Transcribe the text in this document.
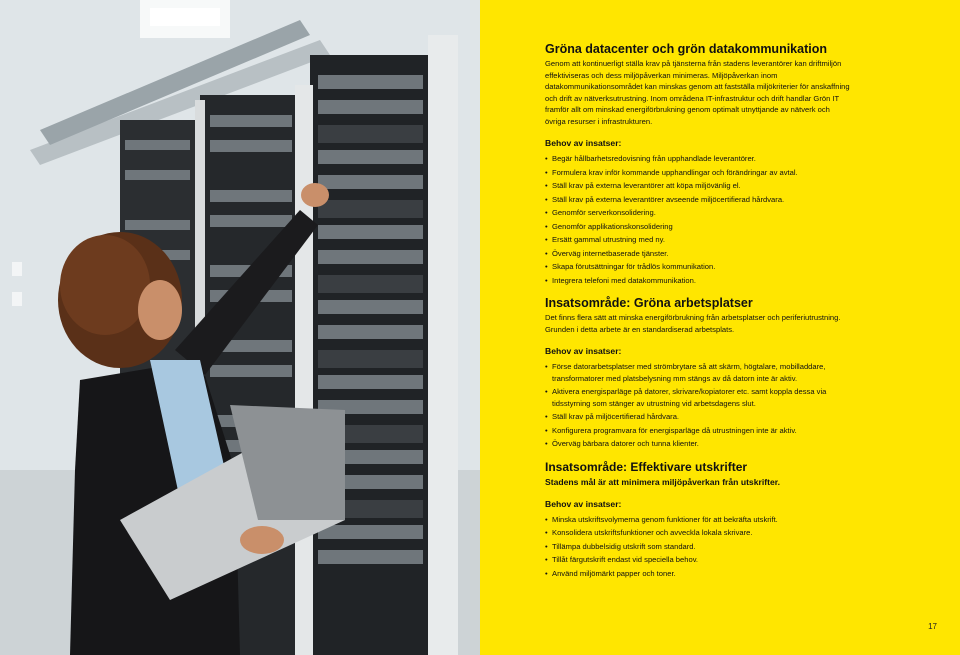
Gröna datacenter och grön datakommunikation
Genom att kontinuerligt ställa krav på tjänsterna från stadens leverantörer kan driftmiljön effektiviseras och dess miljöpåverkan minimeras. Miljöpåverkan inom datakommunikationsområdet kan minskas genom att fastställa miljökriterier för anskaffning och drift av nätverksutrustning. Inom områdena IT-infrastruktur och drift handlar Grön IT framför allt om minskad energiförbrukning genom optimalt utnyttjande av nätverk och övriga resurser i infrastrukturen.
Behov av insatser:
• Begär hållbarhetsredovisning från upphandlade leverantörer.
• Formulera krav inför kommande upphandlingar och förändringar av avtal.
• Ställ krav på externa leverantörer att köpa miljövänlig el.
• Ställ krav på externa leverantörer avseende miljöcertifierad hårdvara.
• Genomför serverkonsolidering.
• Genomför applikationskonsolidering
• Ersätt gammal utrustning med ny.
• Överväg internetbaserade tjänster.
• Skapa förutsättningar för trådlös kommunikation.
• Integrera telefoni med datakommunikation.
Insatsområde: Gröna arbetsplatser
Det finns flera sätt att minska energiförbrukning från arbetsplatser och periferiutrustning. Grunden i detta arbete är en standardiserad arbetsplats.
Behov av insatser:
• Förse datorarbetsplatser med strömbrytare så att skärm, högtalare, mobilladdare, transformatorer med platsbelysning mm stängs av då datorn inte är aktiv.
• Aktivera energisparläge på datorer, skrivare/kopiatorer etc. samt koppla dessa via tidsstyrning som stänger av utrustning vid arbetsdagens slut.
• Ställ krav på miljöcertifierad hårdvara.
• Konfigurera programvara för energisparläge då utrustningen inte är aktiv.
• Överväg bärbara datorer och tunna klienter.
Insatsområde: Effektivare utskrifter
Stadens mål är att minimera miljöpåverkan från utskrifter.
Behov av insatser:
• Minska utskriftsvolymerna genom funktioner för att bekräfta utskrift.
• Konsolidera utskriftsfunktioner och avveckla lokala skrivare.
• Tillämpa dubbelsidig utskrift som standard.
• Tillåt färgutskrift endast vid speciella behov.
• Använd miljömärkt papper och toner.
17
